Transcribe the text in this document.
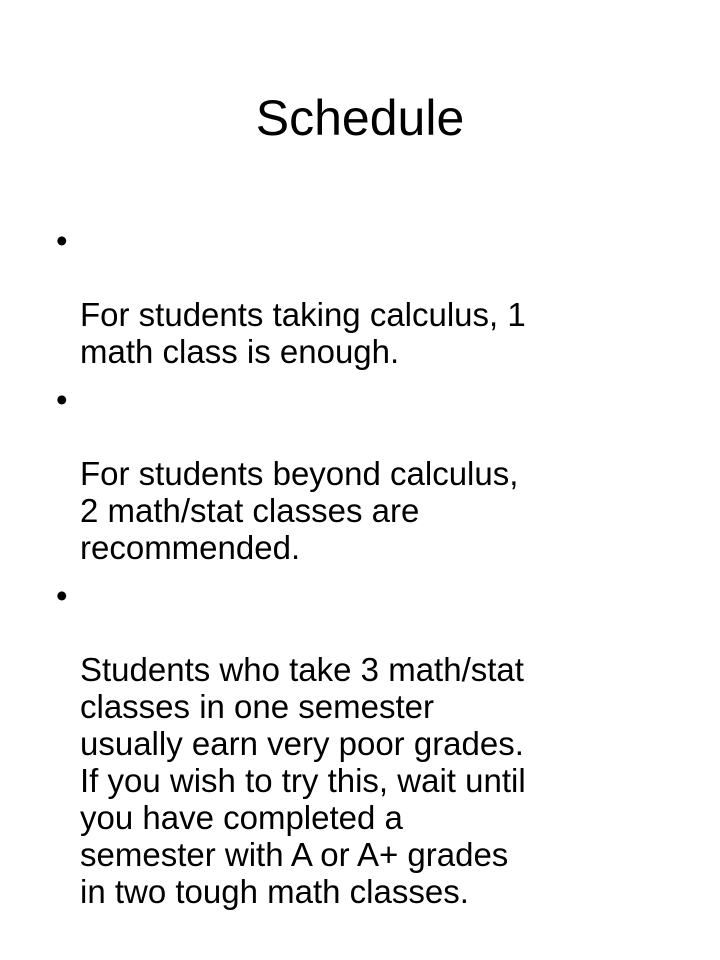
Schedule

•

For students taking calculus, 1
math class is enough.

•

For students beyond calculus,
2 math/stat classes are
recommended.

•

Students who take 3 math/stat
classes in one semester
usually earn very poor grades.
If you wish to try this, wait until
you have completed a
semester with A or A+ grades
in two tough math classes.
